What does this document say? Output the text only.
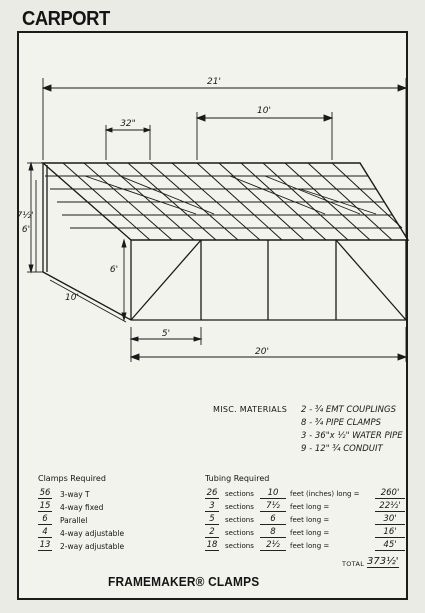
CARPORT
21'
10'
32"
7½'
6'
6'
10'
5'
20'
MISC. MATERIALS	2 - ¾ EMT COUPLINGS
8 - ¾ PIPE CLAMPS
3 - 36"x ½" WATER PIPE
9 - 12" ¾ CONDUIT
Clamps Required
56 3-way T
15 4-way fixed
6	Parallel
4	4-way adjustable
13 2-way adjustable
Tubing Required
26 sections	10	feet (inches) long =	260'
3	sections	7½	feet long =	22½'
5	sections	6	feet long =	30'
2	sections	8	feet long =	16'
18 sections	2½	feet long =	45'
TOTAL 373½'
FRAMEMAKER® CLAMPS
